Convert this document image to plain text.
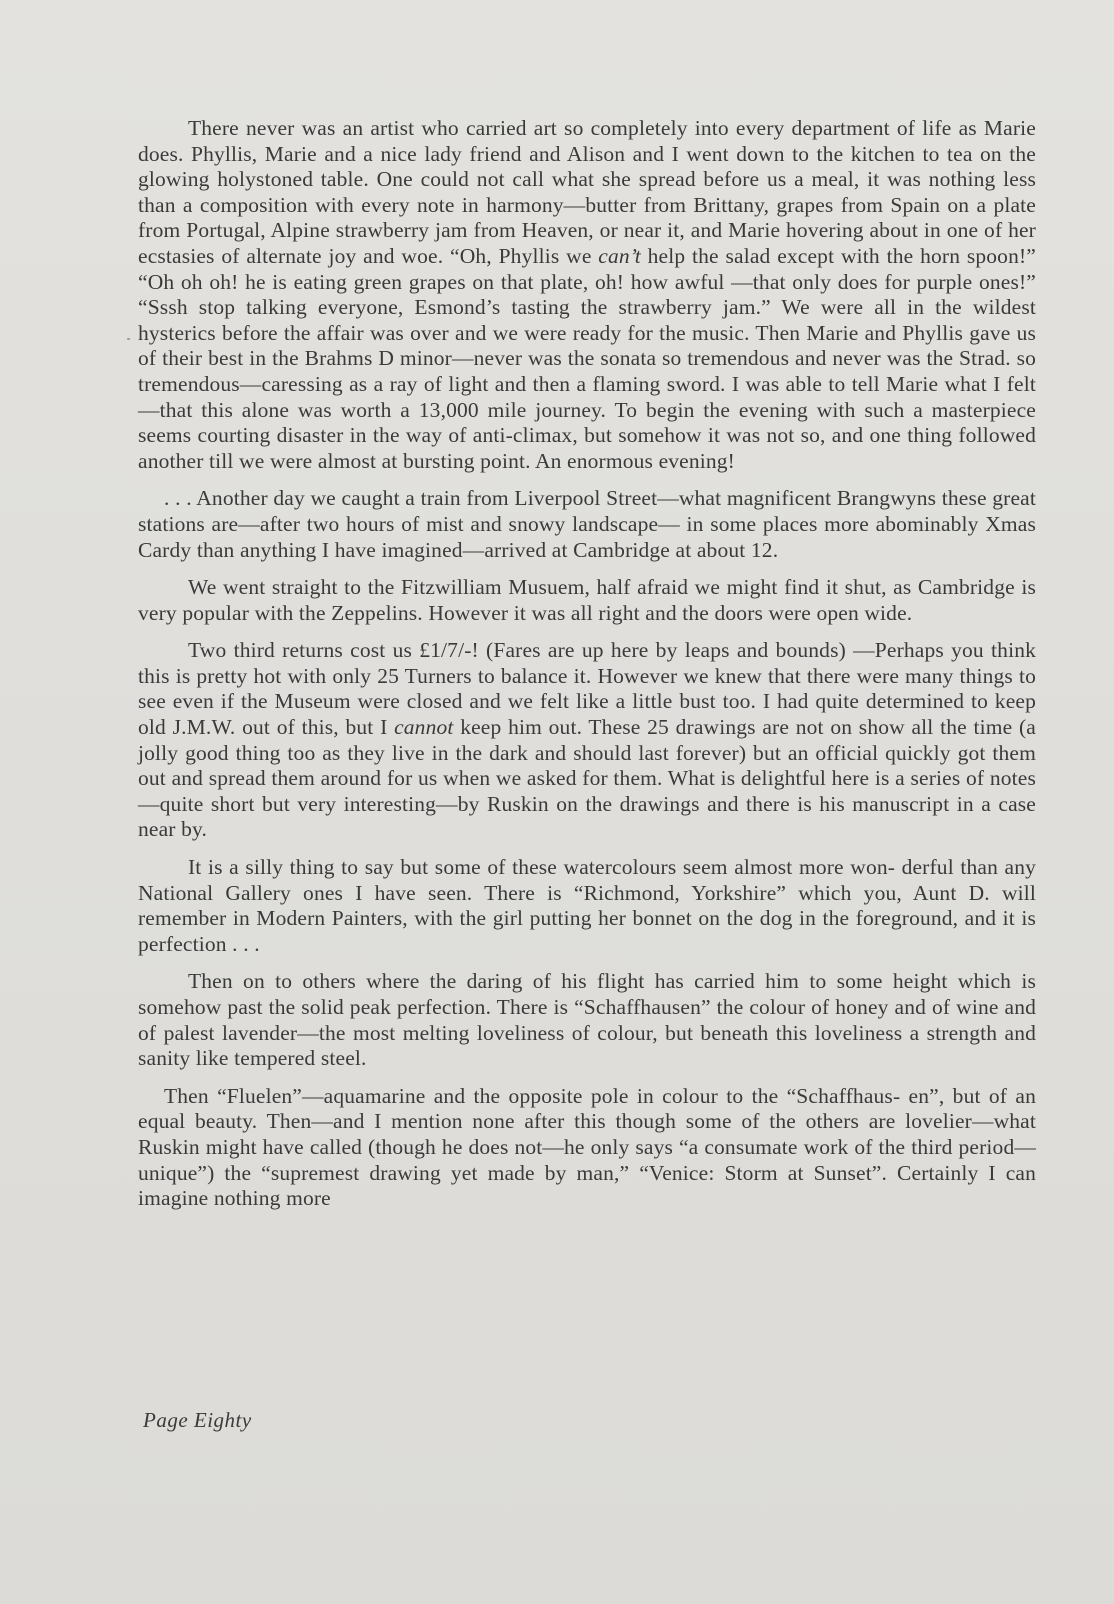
There never was an artist who carried art so completely into every department of life as Marie does. Phyllis, Marie and a nice lady friend and Alison and I went down to the kitchen to tea on the glowing holystoned table. One could not call what she spread before us a meal, it was nothing less than a composition with every note in harmony—butter from Brittany, grapes from Spain on a plate from Portugal, Alpine strawberry jam from Heaven, or near it, and Marie hovering about in one of her ecstasies of alternate joy and woe. “Oh, Phyllis we can’t help the salad except with the horn spoon!” “Oh oh oh! he is eating green grapes on that plate, oh! how awful —that only does for purple ones!” “Sssh stop talking everyone, Esmond’s tasting the strawberry jam.” We were all in the wildest hysterics before the affair was over and we were ready for the music. Then Marie and Phyllis gave us of their best in the Brahms D minor—never was the sonata so tremendous and never was the Strad. so tremendous—caressing as a ray of light and then a flaming sword. I was able to tell Marie what I felt—that this alone was worth a 13,000 mile journey. To begin the evening with such a masterpiece seems courting disaster in the way of anti-climax, but somehow it was not so, and one thing followed another till we were almost at bursting point. An enormous evening!

. . . Another day we caught a train from Liverpool Street—what magnificent Brangwyns these great stations are—after two hours of mist and snowy landscape— in some places more abominably Xmas Cardy than anything I have imagined—arrived at Cambridge at about 12.

We went straight to the Fitzwilliam Musuem, half afraid we might find it shut, as Cambridge is very popular with the Zeppelins. However it was all right and the doors were open wide.

Two third returns cost us £1/7/-! (Fares are up here by leaps and bounds) —Perhaps you think this is pretty hot with only 25 Turners to balance it. However we knew that there were many things to see even if the Museum were closed and we felt like a little bust too. I had quite determined to keep old J.M.W. out of this, but I cannot keep him out. These 25 drawings are not on show all the time (a jolly good thing too as they live in the dark and should last forever) but an official quickly got them out and spread them around for us when we asked for them. What is delightful here is a series of notes—quite short but very interesting—by Ruskin on the drawings and there is his manuscript in a case near by.

It is a silly thing to say but some of these watercolours seem almost more won- derful than any National Gallery ones I have seen. There is “Richmond, Yorkshire” which you, Aunt D. will remember in Modern Painters, with the girl putting her bonnet on the dog in the foreground, and it is perfection . . .

Then on to others where the daring of his flight has carried him to some height which is somehow past the solid peak perfection. There is “Schaffhausen” the colour of honey and of wine and of palest lavender—the most melting loveliness of colour, but beneath this loveliness a strength and sanity like tempered steel.

Then “Fluelen”—aquamarine and the opposite pole in colour to the “Schaffhaus- en”, but of an equal beauty. Then—and I mention none after this though some of the others are lovelier—what Ruskin might have called (though he does not—he only says “a consumate work of the third period—unique”) the “supremest drawing yet made by man,” “Venice: Storm at Sunset”. Certainly I can imagine nothing more

Page Eighty
